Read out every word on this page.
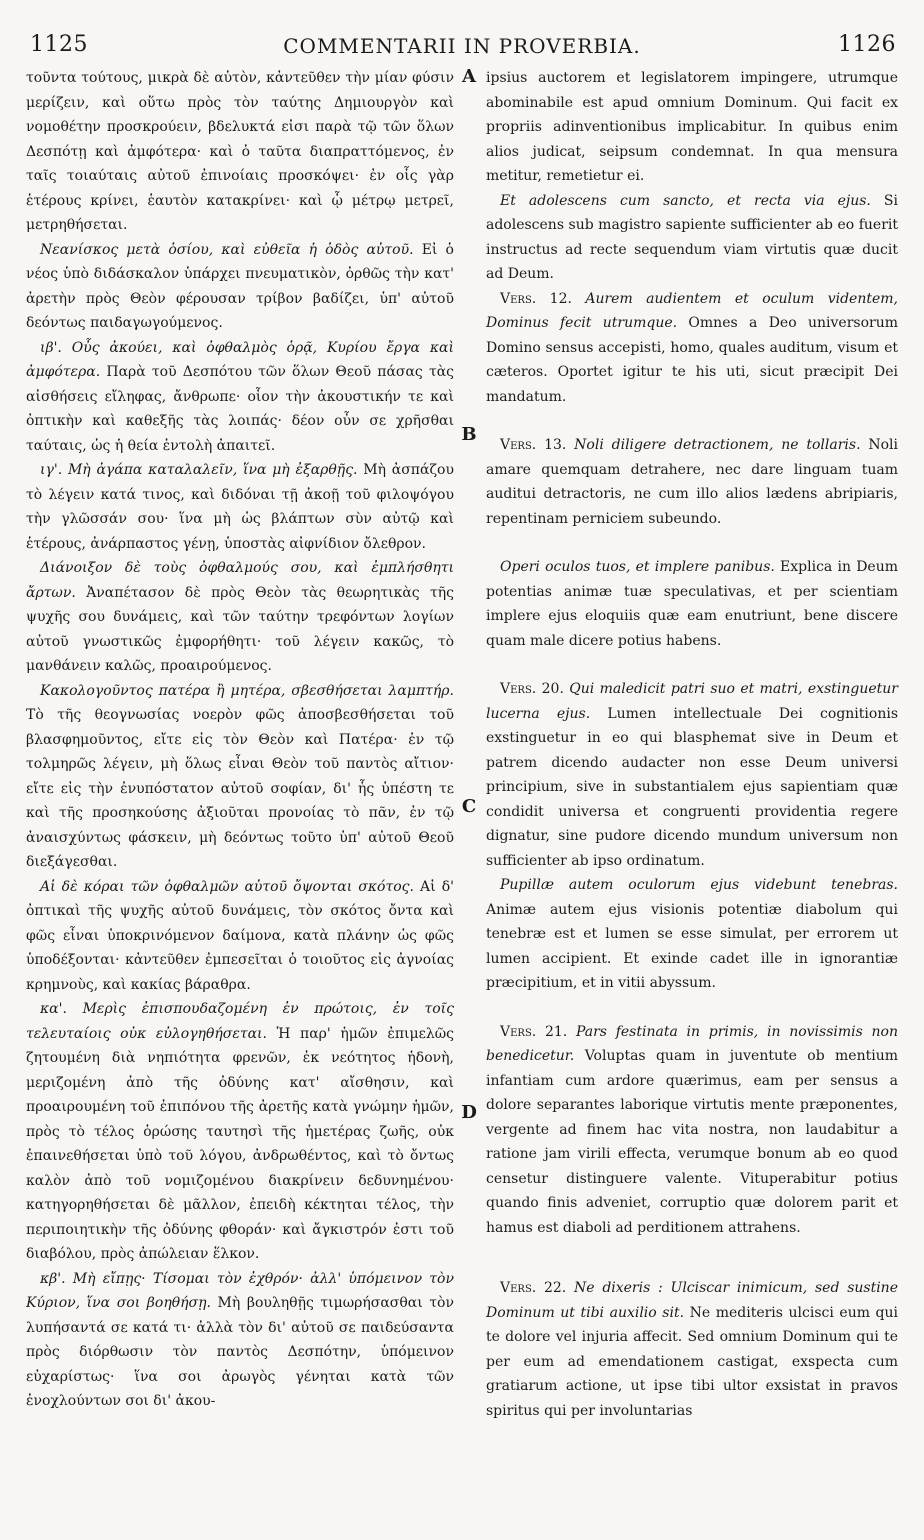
1125	COMMENTARII IN PROVERBIA.	1126
A
B
C
D

τοῦντα τούτους, μικρὰ δὲ αὐτὸν, κἀντεῦθεν τὴν μίαν φύσιν μερίζειν, καὶ οὕτω πρὸς τὸν ταύτης Δημιουργὸν καὶ νομοθέτην προσκρούειν, βδελυκτά εἰσι παρὰ τῷ τῶν ὅλων Δεσπότῃ καὶ ἀμφότερα· καὶ ὁ ταῦτα διαπραττόμενος, ἐν ταῖς τοιαύταις αὐτοῦ ἐπινοίαις προσκόψει· ἐν οἷς γὰρ ἑτέρους κρίνει, ἑαυτὸν κατακρίνει· καὶ ᾧ μέτρῳ μετρεῖ, μετρηθήσεται.

Νεανίσκος μετὰ ὁσίου, καὶ εὐθεῖα ἡ ὁδὸς αὐτοῦ. Εἰ ὁ νέος ὑπὸ διδάσκαλον ὑπάρχει πνευματικὸν, ὀρθῶς τὴν κατ' ἀρετὴν πρὸς Θεὸν φέρουσαν τρίβον βαδίζει, ὑπ' αὐτοῦ δεόντως παιδαγωγούμενος.

ιβ'. Οὖς ἀκούει, καὶ ὀφθαλμὸς ὁρᾷ, Κυρίου ἔργα καὶ ἀμφότερα. Παρὰ τοῦ Δεσπότου τῶν ὅλων Θεοῦ πάσας τὰς αἰσθήσεις εἴληφας, ἄνθρωπε· οἷον τὴν ἀκουστικήν τε καὶ ὀπτικὴν καὶ καθεξῆς τὰς λοιπάς· δέον οὖν σε χρῆσθαι ταύταις, ὡς ἡ θεία ἐντολὴ ἀπαιτεῖ.

ιγ'. Μὴ ἀγάπα καταλαλεῖν, ἵνα μὴ ἐξαρθῇς. Μὴ ἀσπάζου τὸ λέγειν κατά τινος, καὶ διδόναι τῇ ἀκοῇ τοῦ φιλοψόγου τὴν γλῶσσάν σου· ἵνα μὴ ὡς βλάπτων σὺν αὐτῷ καὶ ἑτέρους, ἀνάρπαστος γένῃ, ὑποστὰς αἰφνίδιον ὄλεθρον.

Διάνοιξον δὲ τοὺς ὀφθαλμούς σου, καὶ ἐμπλήσθητι ἄρτων. Ἀναπέτασον δὲ πρὸς Θεὸν τὰς θεωρητικὰς τῆς ψυχῆς σου δυνάμεις, καὶ τῶν ταύτην τρεφόντων λογίων αὐτοῦ γνωστικῶς ἐμφορήθητι· τοῦ λέγειν κακῶς, τὸ μανθάνειν καλῶς, προαιρούμενος.

Κακολογοῦντος πατέρα ἢ μητέρα, σβεσθήσεται λαμπτήρ. Τὸ τῆς θεογνωσίας νοερὸν φῶς ἀποσβεσθήσεται τοῦ βλασφημοῦντος, εἴτε εἰς τὸν Θεὸν καὶ Πατέρα· ἐν τῷ τολμηρῶς λέγειν, μὴ ὅλως εἶναι Θεὸν τοῦ παντὸς αἴτιον· εἴτε εἰς τὴν ἐνυπόστατον αὐτοῦ σοφίαν, δι' ἧς ὑπέστη τε καὶ τῆς προσηκούσης ἀξιοῦται προνοίας τὸ πᾶν, ἐν τῷ ἀναισχύντως φάσκειν, μὴ δεόντως τοῦτο ὑπ' αὐτοῦ Θεοῦ διεξάγεσθαι.

Αἱ δὲ κόραι τῶν ὀφθαλμῶν αὐτοῦ ὄψονται σκότος. Αἱ δ' ὀπτικαὶ τῆς ψυχῆς αὐτοῦ δυνάμεις, τὸν σκότος ὄντα καὶ φῶς εἶναι ὑποκρινόμενον δαίμονα, κατὰ πλάνην ὡς φῶς ὑποδέξονται· κἀντεῦθεν ἐμπεσεῖται ὁ τοιοῦτος εἰς ἀγνοίας κρημνοὺς, καὶ κακίας βάραθρα.

κα'. Μερὶς ἐπισπουδαζομένη ἐν πρώτοις, ἐν τοῖς τελευταίοις οὐκ εὐλογηθήσεται. Ἡ παρ' ἡμῶν ἐπιμελῶς ζητουμένη διὰ νηπιότητα φρενῶν, ἐκ νεότητος ἡδονὴ, μεριζομένη ἀπὸ τῆς ὀδύνης κατ' αἴσθησιν, καὶ προαιρουμένη τοῦ ἐπιπόνου τῆς ἀρετῆς κατὰ γνώμην ἡμῶν, πρὸς τὸ τέλος ὁρώσης ταυτησὶ τῆς ἡμετέρας ζωῆς, οὐκ ἐπαινεθήσεται ὑπὸ τοῦ λόγου, ἀνδρωθέντος, καὶ τὸ ὄντως καλὸν ἀπὸ τοῦ νομιζομένου διακρίνειν δεδυνημένου· κατηγορηθήσεται δὲ μᾶλλον, ἐπειδὴ κέκτηται τέλος, τὴν περιποιητικὴν τῆς ὀδύνης φθοράν· καὶ ἄγκιστρόν ἐστι τοῦ διαβόλου, πρὸς ἀπώλειαν ἕλκον.

κβ'. Μὴ εἴπῃς· Τίσομαι τὸν ἐχθρόν· ἀλλ' ὑπόμεινον τὸν Κύριον, ἵνα σοι βοηθήσῃ. Μὴ βουληθῇς τιμωρήσασθαι τὸν λυπήσαντά σε κατά τι· ἀλλὰ τὸν δι' αὐτοῦ σε παιδεύσαντα πρὸς διόρθωσιν τὸν παντὸς Δεσπότην, ὑπόμεινον εὐχαρίστως· ἵνα σοι ἀρωγὸς γένηται κατὰ τῶν ἐνοχλούντων σοι δι' ἀκου-

ipsius auctorem et legislatorem impingere, utrumque abominabile est apud omnium Dominum. Qui facit ex propriis adinventionibus implicabitur. In quibus enim alios judicat, seipsum condemnat. In qua mensura metitur, remetietur ei.

Et adolescens cum sancto, et recta via ejus. Si adolescens sub magistro sapiente sufficienter ab eo fuerit instructus ad recte sequendum viam virtutis quæ ducit ad Deum.

Vers. 12. Aurem audientem et oculum videntem, Dominus fecit utrumque. Omnes a Deo universorum Domino sensus accepisti, homo, quales auditum, visum et cæteros. Oportet igitur te his uti, sicut præcipit Dei mandatum.

Vers. 13. Noli diligere detractionem, ne tollaris. Noli amare quemquam detrahere, nec dare linguam tuam auditui detractoris, ne cum illo alios lædens abripiaris, repentinam perniciem subeundo.

Operi oculos tuos, et implere panibus. Explica in Deum potentias animæ tuæ speculativas, et per scientiam implere ejus eloquiis quæ eam enutriunt, bene discere quam male dicere potius habens.

Vers. 20. Qui maledicit patri suo et matri, exstinguetur lucerna ejus. Lumen intellectuale Dei cognitionis exstinguetur in eo qui blasphemat sive in Deum et patrem dicendo audacter non esse Deum universi principium, sive in substantialem ejus sapientiam quæ condidit universa et congruenti providentia regere dignatur, sine pudore dicendo mundum universum non sufficienter ab ipso ordinatum.

Pupillæ autem oculorum ejus videbunt tenebras. Animæ autem ejus visionis potentiæ diabolum qui tenebræ est et lumen se esse simulat, per errorem ut lumen accipient. Et exinde cadet ille in ignorantiæ præcipitium, et in vitii abyssum.

Vers. 21. Pars festinata in primis, in novissimis non benedicetur. Voluptas quam in juventute ob mentium infantiam cum ardore quærimus, eam per sensus a dolore separantes laborique virtutis mente præponentes, vergente ad finem hac vita nostra, non laudabitur a ratione jam virili effecta, verumque bonum ab eo quod censetur distinguere valente. Vituperabitur potius quando finis adveniet, corruptio quæ dolorem parit et hamus est diaboli ad perditionem attrahens.

Vers. 22. Ne dixeris : Ulciscar inimicum, sed sustine Dominum ut tibi auxilio sit. Ne mediteris ulcisci eum qui te dolore vel injuria affecit. Sed omnium Dominum qui te per eum ad emendationem castigat, exspecta cum gratiarum actione, ut ipse tibi ultor exsistat in pravos spiritus qui per involuntarias
